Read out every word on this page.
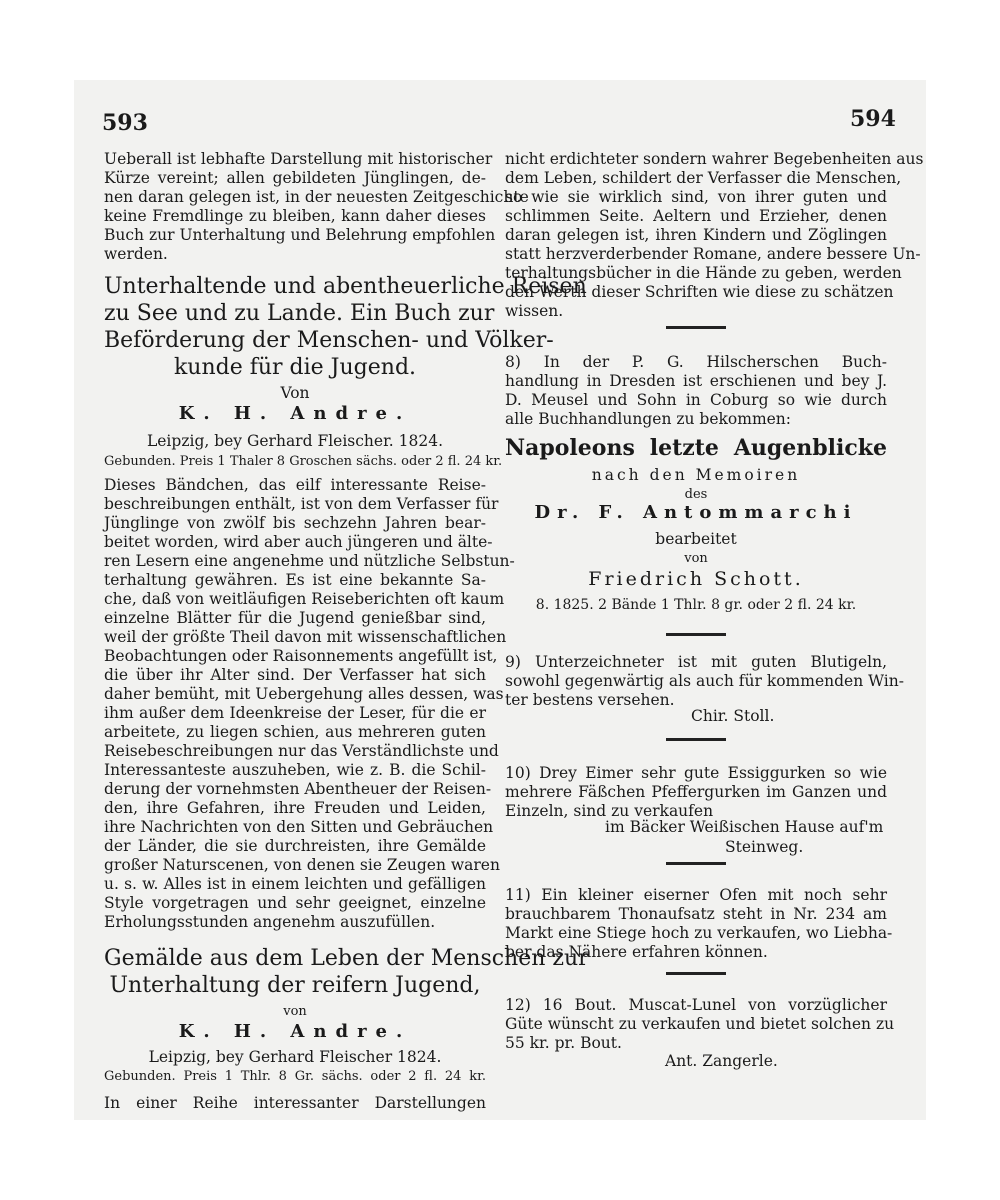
593	594
Ueberall ist lebhafte Darstellung mit historischer
Kürze vereint; allen gebildeten Jünglingen, de-
nen daran gelegen ist, in der neuesten Zeitgeschichte
keine Fremdlinge zu bleiben, kann daher dieses
Buch zur Unterhaltung und Belehrung empfohlen
werden.
Unterhaltende und abentheuerliche Reisen
zu See und zu Lande. Ein Buch zur
Beförderung der Menschen- und Völker-
kunde für die Jugend.
Von
K. H. Andre.
Leipzig, bey Gerhard Fleischer. 1824.
Gebunden. Preis 1 Thaler 8 Groschen sächs. oder 2 fl. 24 kr.
Dieses Bändchen, das eilf interessante Reise-
beschreibungen enthält, ist von dem Verfasser für
Jünglinge von zwölf bis sechzehn Jahren bear-
beitet worden, wird aber auch jüngeren und älte-
ren Lesern eine angenehme und nützliche Selbstun-
terhaltung gewähren. Es ist eine bekannte Sa-
che, daß von weitläufigen Reiseberichten oft kaum
einzelne Blätter für die Jugend genießbar sind,
weil der größte Theil davon mit wissenschaftlichen
Beobachtungen oder Raisonnements angefüllt ist,
die über ihr Alter sind. Der Verfasser hat sich
daher bemüht, mit Uebergehung alles dessen, was
ihm außer dem Ideenkreise der Leser, für die er
arbeitete, zu liegen schien, aus mehreren guten
Reisebeschreibungen nur das Verständlichste und
Interessanteste auszuheben, wie z. B. die Schil-
derung der vornehmsten Abentheuer der Reisen-
den, ihre Gefahren, ihre Freuden und Leiden,
ihre Nachrichten von den Sitten und Gebräuchen
der Länder, die sie durchreisten, ihre Gemälde
großer Naturscenen, von denen sie Zeugen waren
u. s. w. Alles ist in einem leichten und gefälligen
Style vorgetragen und sehr geeignet, einzelne
Erholungsstunden angenehm auszufüllen.
Gemälde aus dem Leben der Menschen zur
Unterhaltung der reifern Jugend,
von
K. H. Andre.
Leipzig, bey Gerhard Fleischer 1824.
Gebunden. Preis 1 Thlr. 8 Gr. sächs. oder 2 fl. 24 kr.
In einer Reihe interessanter Darstellungen
nicht erdichteter sondern wahrer Begebenheiten aus
dem Leben, schildert der Verfasser die Menschen,
so wie sie wirklich sind, von ihrer guten und
schlimmen Seite. Aeltern und Erzieher, denen
daran gelegen ist, ihren Kindern und Zöglingen
statt herzverderbender Romane, andere bessere Un-
terhaltungsbücher in die Hände zu geben, werden
den Werth dieser Schriften wie diese zu schätzen
wissen.
8) In der P. G. Hilscherschen Buch-
handlung in Dresden ist erschienen und bey J.
D. Meusel und Sohn in Coburg so wie durch
alle Buchhandlungen zu bekommen:
Napoleons letzte Augenblicke
nach den Memoiren
des
Dr. F. Antommarchi
bearbeitet
von
Friedrich Schott.
8. 1825. 2 Bände 1 Thlr. 8 gr. oder 2 fl. 24 kr.
9) Unterzeichneter ist mit guten Blutigeln,
sowohl gegenwärtig als auch für kommenden Win-
ter bestens versehen.
Chir. Stoll.
10) Drey Eimer sehr gute Essiggurken so wie
mehrere Fäßchen Pfeffergurken im Ganzen und
Einzeln, sind zu verkaufen
im Bäcker Weißischen Hause auf'm
Steinweg.
11) Ein kleiner eiserner Ofen mit noch sehr
brauchbarem Thonaufsatz steht in Nr. 234 am
Markt eine Stiege hoch zu verkaufen, wo Liebha-
ber das Nähere erfahren können.
12) 16 Bout. Muscat-Lunel von vorzüglicher
Güte wünscht zu verkaufen und bietet solchen zu
55 kr. pr. Bout.
Ant. Zangerle.
